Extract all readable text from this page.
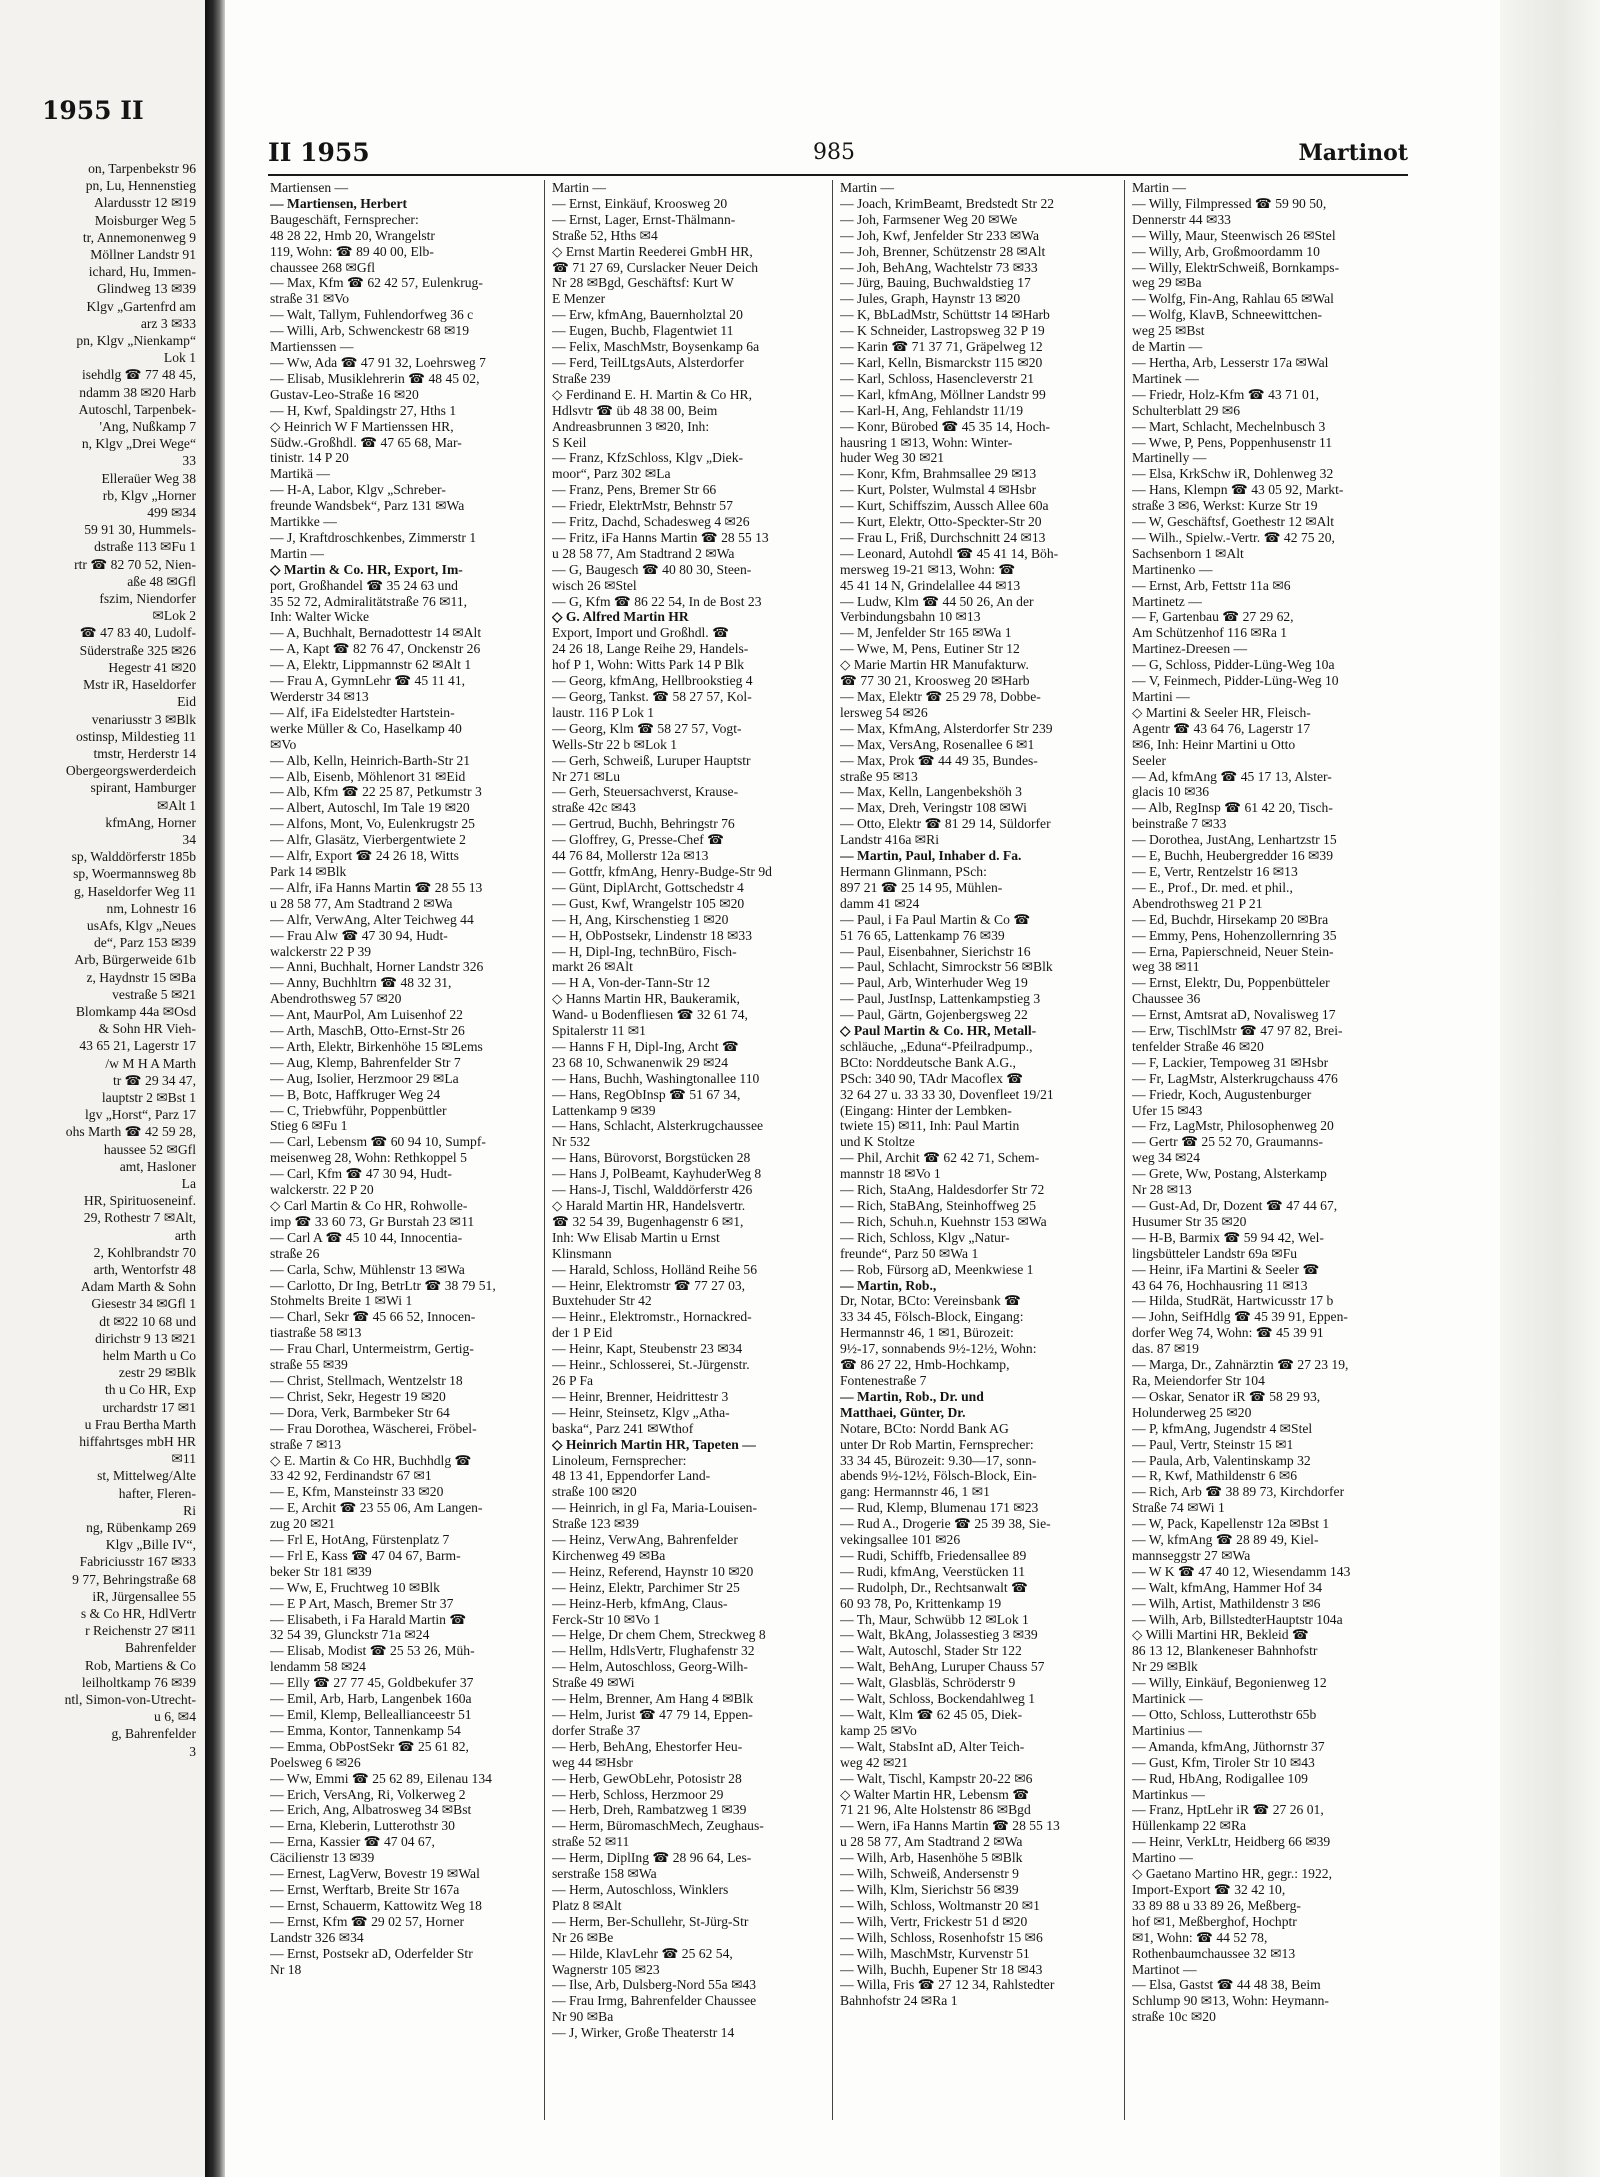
1955 II
on, Tarpenbekstr 96
pn, Lu, Hennenstieg
Alardusstr 12 ✉19
Moisburger Weg 5
tr, Annemonenweg 9
Möllner Landstr 91
ichard, Hu, Immen-
Glindweg 13 ✉39
Klgv „Gartenfrd am
arz 3 ✉33
pn, Klgv „Nienkamp“
Lok 1
isehdlg ☎ 77 48 45,
ndamm 38 ✉20 Harb
Autoschl, Tarpenbek-
'Ang, Nußkamp 7
n, Klgv „Drei Wege“
33
Elleraüer Weg 38
rb, Klgv „Horner
499 ✉34
59 91 30, Hummels-
dstraße 113 ✉Fu 1
rtr ☎ 82 70 52, Nien-
aße 48 ✉Gfl
fszim, Niendorfer
✉Lok 2
☎ 47 83 40, Ludolf-
Süderstraße 325 ✉26
Hegestr 41 ✉20
Mstr iR, Haseldorfer
Eid
venariusstr 3 ✉Blk
ostinsp, Mildestieg 11
tmstr, Herderstr 14
Obergeorgswerderdeich
spirant, Hamburger
✉Alt 1
kfmAng, Horner
34
sp, Walddörferstr 185b
sp, Woermannsweg 8b
g, Haseldorfer Weg 11
nm, Lohnestr 16
usAfs, Klgv „Neues
de“, Parz 153 ✉39
Arb, Bürgerweide 61b
z, Haydnstr 15 ✉Ba
vestraße 5 ✉21
Blomkamp 44a ✉Osd
& Sohn HR Vieh-
43 65 21, Lagerstr 17
/w M H A Marth
tr ☎ 29 34 47,
lauptstr 2 ✉Bst 1
lgv „Horst“, Parz 17
ohs Marth ☎ 42 59 28,
haussee 52 ✉Gfl
amt, Hasloner
La
HR, Spirituoseneinf.
29, Rothestr 7 ✉Alt,
arth
2, Kohlbrandstr 70
arth, Wentorfstr 48
Adam Marth & Sohn
Giesestr 34 ✉Gfl 1
dt ✉22 10 68 und
dirichstr 9 13 ✉21
helm Marth u Co
zestr 29 ✉Blk
th u Co HR, Exp
urchardstr 17 ✉1
u Frau Bertha Marth
hiffahrtsges mbH HR
✉11
st, Mittelweg/Alte
hafter, Fleren-
Ri
ng, Rübenkamp 269
Klgv „Bille IV“,
Fabriciusstr 167 ✉33
9 77, Behringstraße 68
iR, Jürgensallee 55
s & Co HR, HdlVertr
r Reichenstr 27 ✉11
Bahrenfelder
Rob, Martiens & Co
leilholtkamp 76 ✉39
ntl, Simon-von-Utrecht-
u 6, ✉4
g, Bahrenfelder
3
II 1955	985	Martinot
Martiensen —
— Martiensen, Herbert
Baugeschäft, Fernsprecher:
48 28 22, Hmb 20, Wrangelstr
119, Wohn: ☎ 89 40 00, Elb-
chaussee 268 ✉Gfl
— Max, Kfm ☎ 62 42 57, Eulenkrug-
straße 31 ✉Vo
— Walt, Tallym, Fuhlendorfweg 36 c
— Willi, Arb, Schwenckestr 68 ✉19
Martienssen —
— Ww, Ada ☎ 47 91 32, Loehrsweg 7
— Elisab, Musiklehrerin ☎ 48 45 02,
Gustav-Leo-Straße 16 ✉20
— H, Kwf, Spaldingstr 27, Hths 1
◇ Heinrich W F Martienssen HR,
Südw.-Großhdl. ☎ 47 65 68, Mar-
tinistr. 14 P 20
Martikä —
— H-A, Labor, Klgv „Schreber-
freunde Wandsbek“, Parz 131 ✉Wa
Martikke —
— J, Kraftdroschkenbes, Zimmerstr 1
Martin —
◇ Martin & Co. HR, Export, Im-
port, Großhandel ☎ 35 24 63 und
35 52 72, Admiralitätstraße 76 ✉11,
Inh: Walter Wicke
— A, Buchhalt, Bernadottestr 14 ✉Alt
— A, Kapt ☎ 82 76 47, Onckenstr 26
— A, Elektr, Lippmannstr 62 ✉Alt 1
— Frau A, GymnLehr ☎ 45 11 41,
Werderstr 34 ✉13
— Alf, iFa Eidelstedter Hartstein-
werke Müller & Co, Haselkamp 40
✉Vo
— Alb, Kelln, Heinrich-Barth-Str 21
— Alb, Eisenb, Möhlenort 31 ✉Eid
— Alb, Kfm ☎ 22 25 87, Petkumstr 3
— Albert, Autoschl, Im Tale 19 ✉20
— Alfons, Mont, Vo, Eulenkrugstr 25
— Alfr, Glasätz, Vierbergentwiete 2
— Alfr, Export ☎ 24 26 18, Witts
Park 14 ✉Blk
— Alfr, iFa Hanns Martin ☎ 28 55 13
u 28 58 77, Am Stadtrand 2 ✉Wa
— Alfr, VerwAng, Alter Teichweg 44
— Frau Alw ☎ 47 30 94, Hudt-
walckerstr 22 P 39
— Anni, Buchhalt, Horner Landstr 326
— Anny, Buchhltrn ☎ 48 32 31,
Abendrothsweg 57 ✉20
— Ant, MaurPol, Am Luisenhof 22
— Arth, MaschB, Otto-Ernst-Str 26
— Arth, Elektr, Birkenhöhe 15 ✉Lems
— Aug, Klemp, Bahrenfelder Str 7
— Aug, Isolier, Herzmoor 29 ✉La
— B, Botc, Haffkruger Weg 24
— C, Triebwführ, Poppenbüttler
Stieg 6 ✉Fu 1
— Carl, Lebensm ☎ 60 94 10, Sumpf-
meisenweg 28, Wohn: Rethkoppel 5
— Carl, Kfm ☎ 47 30 94, Hudt-
walckerstr. 22 P 20
◇ Carl Martin & Co HR, Rohwolle-
imp ☎ 33 60 73, Gr Burstah 23 ✉11
— Carl A ☎ 45 10 44, Innocentia-
straße 26
— Carla, Schw, Mühlenstr 13 ✉Wa
— Carlotto, Dr Ing, BetrLtr ☎ 38 79 51,
Stohmelts Breite 1 ✉Wi 1
— Charl, Sekr ☎ 45 66 52, Innocen-
tiastraße 58 ✉13
— Frau Charl, Untermeistrm, Gertig-
straße 55 ✉39
— Christ, Stellmach, Wentzelstr 18
— Christ, Sekr, Hegestr 19 ✉20
— Dora, Verk, Barmbeker Str 64
— Frau Dorothea, Wäscherei, Fröbel-
straße 7 ✉13
◇ E. Martin & Co HR, Buchhdlg ☎
33 42 92, Ferdinandstr 67 ✉1
— E, Kfm, Mansteinstr 33 ✉20
— E, Archit ☎ 23 55 06, Am Langen-
zug 20 ✉21
— Frl E, HotAng, Fürstenplatz 7
— Frl E, Kass ☎ 47 04 67, Barm-
beker Str 181 ✉39
— Ww, E, Fruchtweg 10 ✉Blk
— E P Art, Masch, Bremer Str 37
— Elisabeth, i Fa Harald Martin ☎
32 54 39, Glunckstr 71a ✉24
— Elisab, Modist ☎ 25 53 26, Müh-
lendamm 58 ✉24
— Elly ☎ 27 77 45, Goldbekufer 37
— Emil, Arb, Harb, Langenbek 160a
— Emil, Klemp, Belleallianceestr 51
— Emma, Kontor, Tannenkamp 54
— Emma, ObPostSekr ☎ 25 61 82,
Poelsweg 6 ✉26
— Ww, Emmi ☎ 25 62 89, Eilenau 134
— Erich, VersAng, Ri, Volkerweg 2
— Erich, Ang, Albatrosweg 34 ✉Bst
— Erna, Kleberin, Lutterothstr 30
— Erna, Kassier ☎ 47 04 67,
Cäcilienstr 13 ✉39
— Ernest, LagVerw, Bovestr 19 ✉Wal
— Ernst, Werftarb, Breite Str 167a
— Ernst, Schauerm, Kattowitz Weg 18
— Ernst, Kfm ☎ 29 02 57, Horner
Landstr 326 ✉34
— Ernst, Postsekr aD, Oderfelder Str
Nr 18
Martin —
— Ernst, Einkäuf, Kroosweg 20
— Ernst, Lager, Ernst-Thälmann-
Straße 52, Hths ✉4
◇ Ernst Martin Reederei GmbH HR,
☎ 71 27 69, Curslacker Neuer Deich
Nr 28 ✉Bgd, Geschäftsf: Kurt W
E Menzer
— Erw, kfmAng, Bauernholztal 20
— Eugen, Buchb, Flagentwiet 11
— Felix, MaschMstr, Boysenkamp 6a
— Ferd, TeilLtgsAuts, Alsterdorfer
Straße 239
◇ Ferdinand E. H. Martin & Co HR,
Hdlsvtr ☎ üb 48 38 00, Beim
Andreasbrunnen 3 ✉20, Inh:
S Keil
— Franz, KfzSchloss, Klgv „Diek-
moor“, Parz 302 ✉La
— Franz, Pens, Bremer Str 66
— Friedr, ElektrMstr, Behnstr 57
— Fritz, Dachd, Schadesweg 4 ✉26
— Fritz, iFa Hanns Martin ☎ 28 55 13
u 28 58 77, Am Stadtrand 2 ✉Wa
— G, Baugesch ☎ 40 80 30, Steen-
wisch 26 ✉Stel
— G, Kfm ☎ 86 22 54, In de Bost 23
◇ G. Alfred Martin HR
Export, Import und Großhdl. ☎
24 26 18, Lange Reihe 29, Handels-
hof P 1, Wohn: Witts Park 14 P Blk
— Georg, kfmAng, Hellbrookstieg 4
— Georg, Tankst. ☎ 58 27 57, Kol-
laustr. 116 P Lok 1
— Georg, Klm ☎ 58 27 57, Vogt-
Wells-Str 22 b ✉Lok 1
— Gerh, Schweiß, Luruper Hauptstr
Nr 271 ✉Lu
— Gerh, Steuersachverst, Krause-
straße 42c ✉43
— Gertrud, Buchh, Behringstr 76
— Gloffrey, G, Presse-Chef ☎
44 76 84, Mollerstr 12a ✉13
— Gottfr, kfmAng, Henry-Budge-Str 9d
— Günt, DiplArcht, Gottschedstr 4
— Gust, Kwf, Wrangelstr 105 ✉20
— H, Ang, Kirschenstieg 1 ✉20
— H, ObPostsekr, Lindenstr 18 ✉33
— H, Dipl-Ing, technBüro, Fisch-
markt 26 ✉Alt
— H A, Von-der-Tann-Str 12
◇ Hanns Martin HR, Baukeramik,
Wand- u Bodenfliesen ☎ 32 61 74,
Spitalerstr 11 ✉1
— Hanns F H, Dipl-Ing, Archt ☎
23 68 10, Schwanenwik 29 ✉24
— Hans, Buchh, Washingtonallee 110
— Hans, RegObInsp ☎ 51 67 34,
Lattenkamp 9 ✉39
— Hans, Schlacht, Alsterkrugchaussee
Nr 532
— Hans, Bürovorst, Borgstücken 28
— Hans J, PolBeamt, KayhuderWeg 8
— Hans-J, Tischl, Walddörferstr 426
◇ Harald Martin HR, Handelsvertr.
☎ 32 54 39, Bugenhagenstr 6 ✉1,
Inh: Ww Elisab Martin u Ernst
Klinsmann
— Harald, Schloss, Holländ Reihe 56
— Heinr, Elektromstr ☎ 77 27 03,
Buxtehuder Str 42
— Heinr., Elektromstr., Hornackred-
der 1 P Eid
— Heinr, Kapt, Steubenstr 23 ✉34
— Heinr., Schlosserei, St.-Jürgenstr.
26 P Fa
— Heinr, Brenner, Heidrittestr 3
— Heinr, Steinsetz, Klgv „Atha-
baska“, Parz 241 ✉Wthof
◇ Heinrich Martin HR, Tapeten —
Linoleum, Fernsprecher:
48 13 41, Eppendorfer Land-
straße 100 ✉20
— Heinrich, in gl Fa, Maria-Louisen-
Straße 123 ✉39
— Heinz, VerwAng, Bahrenfelder
Kirchenweg 49 ✉Ba
— Heinz, Referend, Haynstr 10 ✉20
— Heinz, Elektr, Parchimer Str 25
— Heinz-Herb, kfmAng, Claus-
Ferck-Str 10 ✉Vo 1
— Helge, Dr chem Chem, Streckweg 8
— Hellm, HdlsVertr, Flughafenstr 32
— Helm, Autoschloss, Georg-Wilh-
Straße 49 ✉Wi
— Helm, Brenner, Am Hang 4 ✉Blk
— Helm, Jurist ☎ 47 79 14, Eppen-
dorfer Straße 37
— Herb, BehAng, Ehestorfer Heu-
weg 44 ✉Hsbr
— Herb, GewObLehr, Potosistr 28
— Herb, Schloss, Herzmoor 29
— Herb, Dreh, Rambatzweg 1 ✉39
— Herm, BüromaschMech, Zeughaus-
straße 52 ✉11
— Herm, DiplIng ☎ 28 96 64, Les-
serstraße 158 ✉Wa
— Herm, Autoschloss, Winklers
Platz 8 ✉Alt
— Herm, Ber-Schullehr, St-Jürg-Str
Nr 26 ✉Be
— Hilde, KlavLehr ☎ 25 62 54,
Wagnerstr 105 ✉23
— Ilse, Arb, Dulsberg-Nord 55a ✉43
— Frau Irmg, Bahrenfelder Chaussee
Nr 90 ✉Ba
— J, Wirker, Große Theaterstr 14
Martin —
— Joach, KrimBeamt, Bredstedt Str 22
— Joh, Farmsener Weg 20 ✉We
— Joh, Kwf, Jenfelder Str 233 ✉Wa
— Joh, Brenner, Schützenstr 28 ✉Alt
— Joh, BehAng, Wachtelstr 73 ✉33
— Jürg, Bauing, Buchwaldstieg 17
— Jules, Graph, Haynstr 13 ✉20
— K, BbLadMstr, Schüttstr 14 ✉Harb
— K Schneider, Lastropsweg 32 P 19
— Karin ☎ 71 37 71, Gräpelweg 12
— Karl, Kelln, Bismarckstr 115 ✉20
— Karl, Schloss, Hasencleverstr 21
— Karl, kfmAng, Möllner Landstr 99
— Karl-H, Ang, Fehlandstr 11/19
— Konr, Bürobed ☎ 45 35 14, Hoch-
hausring 1 ✉13, Wohn: Winter-
huder Weg 30 ✉21
— Konr, Kfm, Brahmsallee 29 ✉13
— Kurt, Polster, Wulmstal 4 ✉Hsbr
— Kurt, Schiffszim, Aussch Allee 60a
— Kurt, Elektr, Otto-Speckter-Str 20
— Frau L, Friß, Durchschnitt 24 ✉13
— Leonard, Autohdl ☎ 45 41 14, Böh-
mersweg 19-21 ✉13, Wohn: ☎
45 41 14 N, Grindelallee 44 ✉13
— Ludw, Klm ☎ 44 50 26, An der
Verbindungsbahn 10 ✉13
— M, Jenfelder Str 165 ✉Wa 1
— Wwe, M, Pens, Eutiner Str 12
◇ Marie Martin HR Manufakturw.
☎ 77 30 21, Kroosweg 20 ✉Harb
— Max, Elektr ☎ 25 29 78, Dobbe-
lersweg 54 ✉26
— Max, KfmAng, Alsterdorfer Str 239
— Max, VersAng, Rosenallee 6 ✉1
— Max, Prok ☎ 44 49 35, Bundes-
straße 95 ✉13
— Max, Kelln, Langenbekshöh 3
— Max, Dreh, Veringstr 108 ✉Wi
— Otto, Elektr ☎ 81 29 14, Süldorfer
Landstr 416a ✉Ri
— Martin, Paul, Inhaber d. Fa.
Hermann Glinmann, PSch:
897 21 ☎ 25 14 95, Mühlen-
damm 41 ✉24
— Paul, i Fa Paul Martin & Co ☎
51 76 65, Lattenkamp 76 ✉39
— Paul, Eisenbahner, Sierichstr 16
— Paul, Schlacht, Simrockstr 56 ✉Blk
— Paul, Arb, Winterhuder Weg 19
— Paul, JustInsp, Lattenkampstieg 3
— Paul, Gärtn, Gojenbergsweg 22
◇ Paul Martin & Co. HR, Metall-
schläuche, „Eduna“-Pfeilradpump.,
BCto: Norddeutsche Bank A.G.,
PSch: 340 90, TAdr Macoflex ☎
32 64 27 u. 33 33 30, Dovenfleet 19/21
(Eingang: Hinter der Lembken-
twiete 15) ✉11, Inh: Paul Martin
und K Stoltze
— Phil, Archit ☎ 62 42 71, Schem-
mannstr 18 ✉Vo 1
— Rich, StaAng, Haldesdorfer Str 72
— Rich, StaBAng, Steinhoffweg 25
— Rich, Schuh.n, Kuehnstr 153 ✉Wa
— Rich, Schloss, Klgv „Natur-
freunde“, Parz 50 ✉Wa 1
— Rob, Fürsorg aD, Meenkwiese 1
— Martin, Rob.,
Dr, Notar, BCto: Vereinsbank ☎
33 34 45, Fölsch-Block, Eingang:
Hermannstr 46, 1 ✉1, Bürozeit:
9½-17, sonnabends 9½-12½, Wohn:
☎ 86 27 22, Hmb-Hochkamp,
Fontenestraße 7
— Martin, Rob., Dr. und
Matthaei, Günter, Dr.
Notare, BCto: Nordd Bank AG
unter Dr Rob Martin, Fernsprecher:
33 34 45, Bürozeit: 9.30—17, sonn-
abends 9½-12½, Fölsch-Block, Ein-
gang: Hermannstr 46, 1 ✉1
— Rud, Klemp, Blumenau 171 ✉23
— Rud A., Drogerie ☎ 25 39 38, Sie-
vekingsallee 101 ✉26
— Rudi, Schiffb, Friedensallee 89
— Rudi, kfmAng, Veerstücken 11
— Rudolph, Dr., Rechtsanwalt ☎
60 93 78, Po, Krittenkamp 19
— Th, Maur, Schwübb 12 ✉Lok 1
— Walt, BkAng, Jolassestieg 3 ✉39
— Walt, Autoschl, Stader Str 122
— Walt, BehAng, Luruper Chauss 57
— Walt, Glasbläs, Schröderstr 9
— Walt, Schloss, Bockendahlweg 1
— Walt, Klm ☎ 62 45 05, Diek-
kamp 25 ✉Vo
— Walt, StabsInt aD, Alter Teich-
weg 42 ✉21
— Walt, Tischl, Kampstr 20-22 ✉6
◇ Walter Martin HR, Lebensm ☎
71 21 96, Alte Holstenstr 86 ✉Bgd
— Wern, iFa Hanns Martin ☎ 28 55 13
u 28 58 77, Am Stadtrand 2 ✉Wa
— Wilh, Arb, Hasenhöhe 5 ✉Blk
— Wilh, Schweiß, Andersenstr 9
— Wilh, Klm, Sierichstr 56 ✉39
— Wilh, Schloss, Woltmanstr 20 ✉1
— Wilh, Vertr, Frickestr 51 d ✉20
— Wilh, Schloss, Rosenhofstr 15 ✉6
— Wilh, MaschMstr, Kurvenstr 51
— Wilh, Buchh, Eupener Str 18 ✉43
— Willa, Fris ☎ 27 12 34, Rahlstedter
Bahnhofstr 24 ✉Ra 1
Martin —
— Willy, Filmpressed ☎ 59 90 50,
Dennerstr 44 ✉33
— Willy, Maur, Steenwisch 26 ✉Stel
— Willy, Arb, Großmoordamm 10
— Willy, ElektrSchweiß, Bornkamps-
weg 29 ✉Ba
— Wolfg, Fin-Ang, Rahlau 65 ✉Wal
— Wolfg, KlavB, Schneewittchen-
weg 25 ✉Bst
de Martin —
— Hertha, Arb, Lesserstr 17a ✉Wal
Martinek —
— Friedr, Holz-Kfm ☎ 43 71 01,
Schulterblatt 29 ✉6
— Mart, Schlacht, Mechelnbusch 3
— Wwe, P, Pens, Poppenhusenstr 11
Martinelly —
— Elsa, KrkSchw iR, Dohlenweg 32
— Hans, Klempn ☎ 43 05 92, Markt-
straße 3 ✉6, Werkst: Kurze Str 19
— W, Geschäftsf, Goethestr 12 ✉Alt
— Wilh., Spielw.-Vertr. ☎ 42 75 20,
Sachsenborn 1 ✉Alt
Martinenko —
— Ernst, Arb, Fettstr 11a ✉6
Martinetz —
— F, Gartenbau ☎ 27 29 62,
Am Schützenhof 116 ✉Ra 1
Martinez-Dreesen —
— G, Schloss, Pidder-Lüng-Weg 10a
— V, Feinmech, Pidder-Lüng-Weg 10
Martini —
◇ Martini & Seeler HR, Fleisch-
Agentr ☎ 43 64 76, Lagerstr 17
✉6, Inh: Heinr Martini u Otto
Seeler
— Ad, kfmAng ☎ 45 17 13, Alster-
glacis 10 ✉36
— Alb, RegInsp ☎ 61 42 20, Tisch-
beinstraße 7 ✉33
— Dorothea, JustAng, Lenhartzstr 15
— E, Buchh, Heubergredder 16 ✉39
— E, Vertr, Rentzelstr 16 ✉13
— E., Prof., Dr. med. et phil.,
Abendrothsweg 21 P 21
— Ed, Buchdr, Hirsekamp 20 ✉Bra
— Emmy, Pens, Hohenzollernring 35
— Erna, Papierschneid, Neuer Stein-
weg 38 ✉11
— Ernst, Elektr, Du, Poppenbütteler
Chaussee 36
— Ernst, Amtsrat aD, Novalisweg 17
— Erw, TischlMstr ☎ 47 97 82, Brei-
tenfelder Straße 46 ✉20
— F, Lackier, Tempoweg 31 ✉Hsbr
— Fr, LagMstr, Alsterkrugchauss 476
— Friedr, Koch, Augustenburger
Ufer 15 ✉43
— Frz, LagMstr, Philosophenweg 20
— Gertr ☎ 25 52 70, Graumanns-
weg 34 ✉24
— Grete, Ww, Postang, Alsterkamp
Nr 28 ✉13
— Gust-Ad, Dr, Dozent ☎ 47 44 67,
Husumer Str 35 ✉20
— H-B, Barmix ☎ 59 94 42, Wel-
lingsbütteler Landstr 69a ✉Fu
— Heinr, iFa Martini & Seeler ☎
43 64 76, Hochhausring 11 ✉13
— Hilda, StudRät, Hartwicusstr 17 b
— John, SeifHdlg ☎ 45 39 91, Eppen-
dorfer Weg 74, Wohn: ☎ 45 39 91
das. 87 ✉19
— Marga, Dr., Zahnärztin ☎ 27 23 19,
Ra, Meiendorfer Str 104
— Oskar, Senator iR ☎ 58 29 93,
Holunderweg 25 ✉20
— P, kfmAng, Jugendstr 4 ✉Stel
— Paul, Vertr, Steinstr 15 ✉1
— Paula, Arb, Valentinskamp 32
— R, Kwf, Mathildenstr 6 ✉6
— Rich, Arb ☎ 38 89 73, Kirchdorfer
Straße 74 ✉Wi 1
— W, Pack, Kapellenstr 12a ✉Bst 1
— W, kfmAng ☎ 28 89 49, Kiel-
mannseggstr 27 ✉Wa
— W K ☎ 47 40 12, Wiesendamm 143
— Walt, kfmAng, Hammer Hof 34
— Wilh, Artist, Mathildenstr 3 ✉6
— Wilh, Arb, BillstedterHauptstr 104a
◇ Willi Martini HR, Bekleid ☎
86 13 12, Blankeneser Bahnhofstr
Nr 29 ✉Blk
— Willy, Einkäuf, Begonienweg 12
Martinick —
— Otto, Schloss, Lutterothstr 65b
Martinius —
— Amanda, kfmAng, Jüthornstr 37
— Gust, Kfm, Tiroler Str 10 ✉43
— Rud, HbAng, Rodigallee 109
Martinkus —
— Franz, HptLehr iR ☎ 27 26 01,
Hüllenkamp 22 ✉Ra
— Heinr, VerkLtr, Heidberg 66 ✉39
Martino —
◇ Gaetano Martino HR, gegr.: 1922,
Import-Export ☎ 32 42 10,
33 89 88 u 33 89 26, Meßberg-
hof ✉1, Meßberghof, Hochptr
✉1, Wohn: ☎ 44 52 78,
Rothenbaumchaussee 32 ✉13
Martinot —
— Elsa, Gastst ☎ 44 48 38, Beim
Schlump 90 ✉13, Wohn: Heymann-
straße 10c ✉20
